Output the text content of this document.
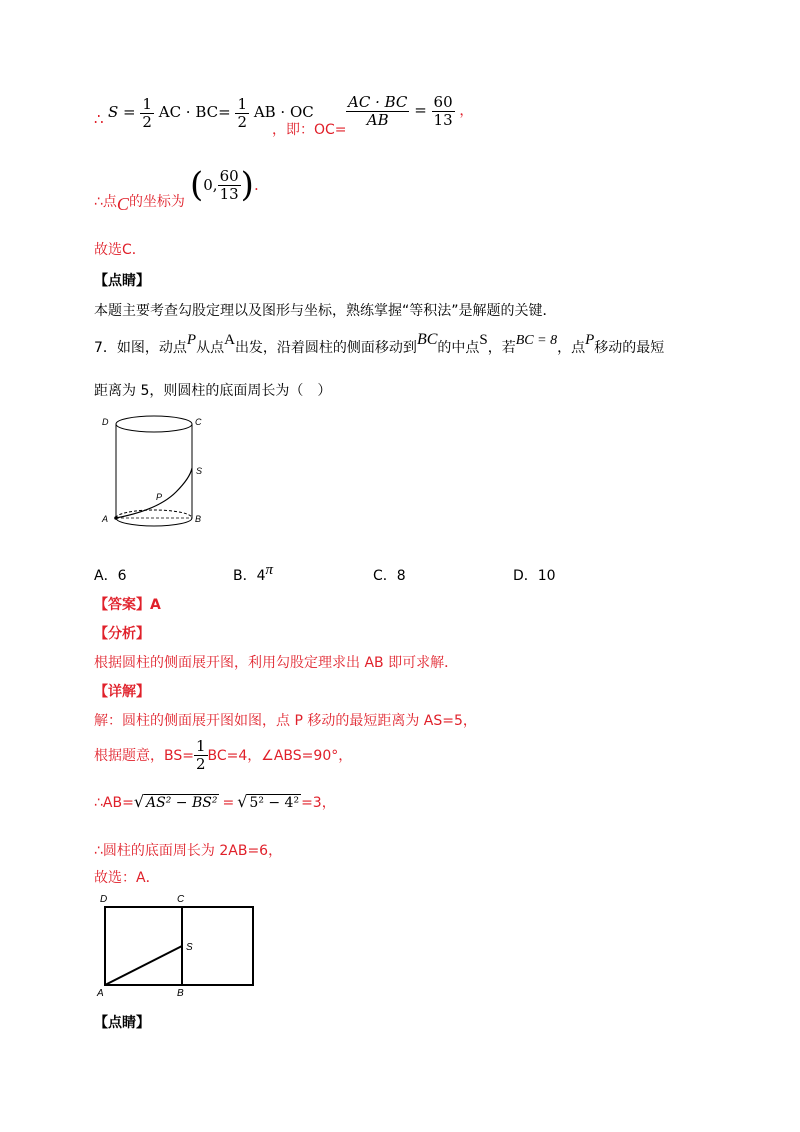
∴ $S = \frac{1}{2}$ AC · $BC= \frac{1}{2}$ AB · OC
，即：OC=
$\frac{AC \cdot BC}{AB} = \frac{60}{13}$ ，
∴点C的坐标为 (0, $\frac{60}{13}$ ).
故选C．
【点睛】
本题主要考查勾股定理以及图形与坐标，熟练掌握“等积法”是解题的关键．
7．如图，动点P从点A出发，沿着圆柱的侧面移动到BC的中点S，若BC = 8，点P移动的最短
距离为 5，则圆柱的底面周长为（　）
D	C
S
P
A	B
A．6	B．4π	C．8	D．10
【答案】A
【分析】
根据圆柱的侧面展开图，利用勾股定理求出 AB 即可求解．
【详解】
解：圆柱的侧面展开图如图，点 P 移动的最短距离为 AS=5，
根据题意，$BS= \frac{1}{2} BC=4$，∠ABS=90°，
∴AB=√ AS² − BS² = √ 5² − 4² =3，
∴圆柱的底面周长为 2AB=6，
故选：A．
D	C
S
A	B
【点睛】
